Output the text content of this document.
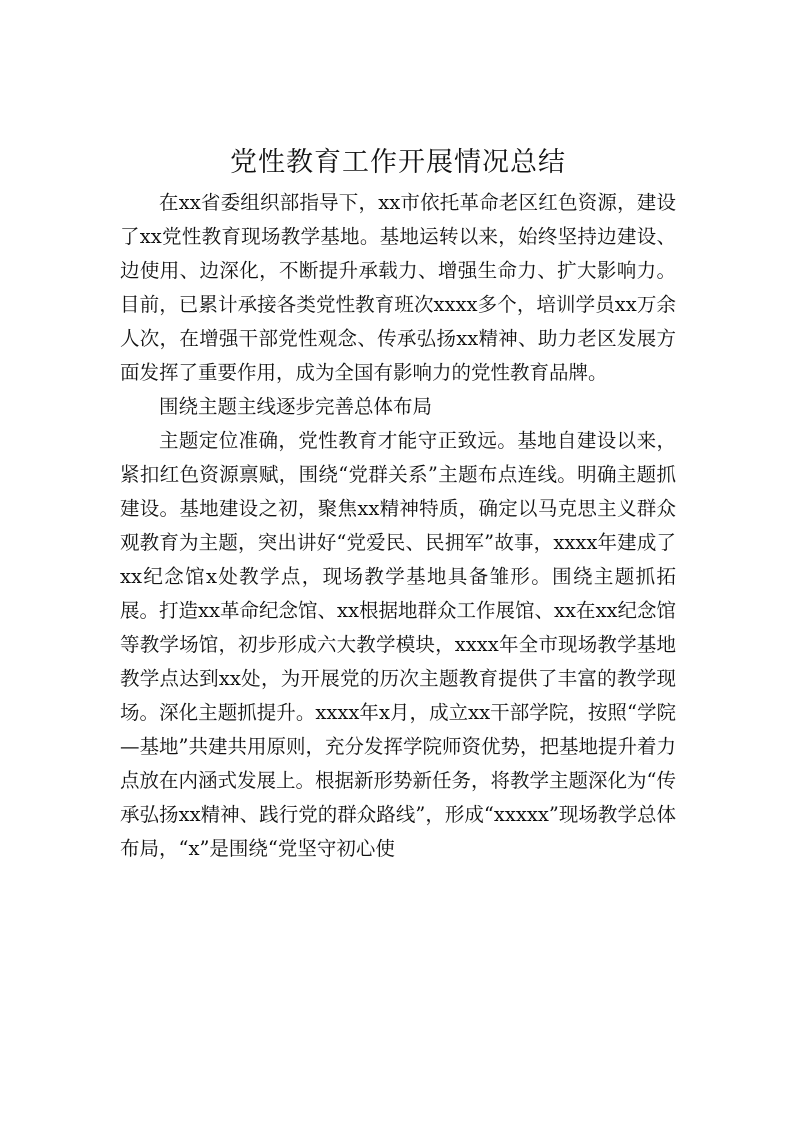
党性教育工作开展情况总结

在xx省委组织部指导下，xx市依托革命老区红色资源，建设了xx党性教育现场教学基地。基地运转以来，始终坚持边建设、边使用、边深化，不断提升承载力、增强生命力、扩大影响力。目前，已累计承接各类党性教育班次xxxx多个，培训学员xx万余人次，在增强干部党性观念、传承弘扬xx精神、助力老区发展方面发挥了重要作用，成为全国有影响力的党性教育品牌。

围绕主题主线逐步完善总体布局

主题定位准确，党性教育才能守正致远。基地自建设以来，紧扣红色资源禀赋，围绕“党群关系”主题布点连线。明确主题抓建设。基地建设之初，聚焦xx精神特质，确定以马克思主义群众观教育为主题，突出讲好“党爱民、民拥军”故事，xxxx年建成了xx纪念馆x处教学点，现场教学基地具备雏形。围绕主题抓拓展。打造xx革命纪念馆、xx根据地群众工作展馆、xx在xx纪念馆等教学场馆，初步形成六大教学模块，xxxx年全市现场教学基地教学点达到xx处，为开展党的历次主题教育提供了丰富的教学现场。深化主题抓提升。xxxx年x月，成立xx干部学院，按照“学院—基地”共建共用原则，充分发挥学院师资优势，把基地提升着力点放在内涵式发展上。根据新形势新任务，将教学主题深化为“传承弘扬xx精神、践行党的群众路线”，形成“xxxxx”现场教学总体布局，“x”是围绕“党坚守初心使
